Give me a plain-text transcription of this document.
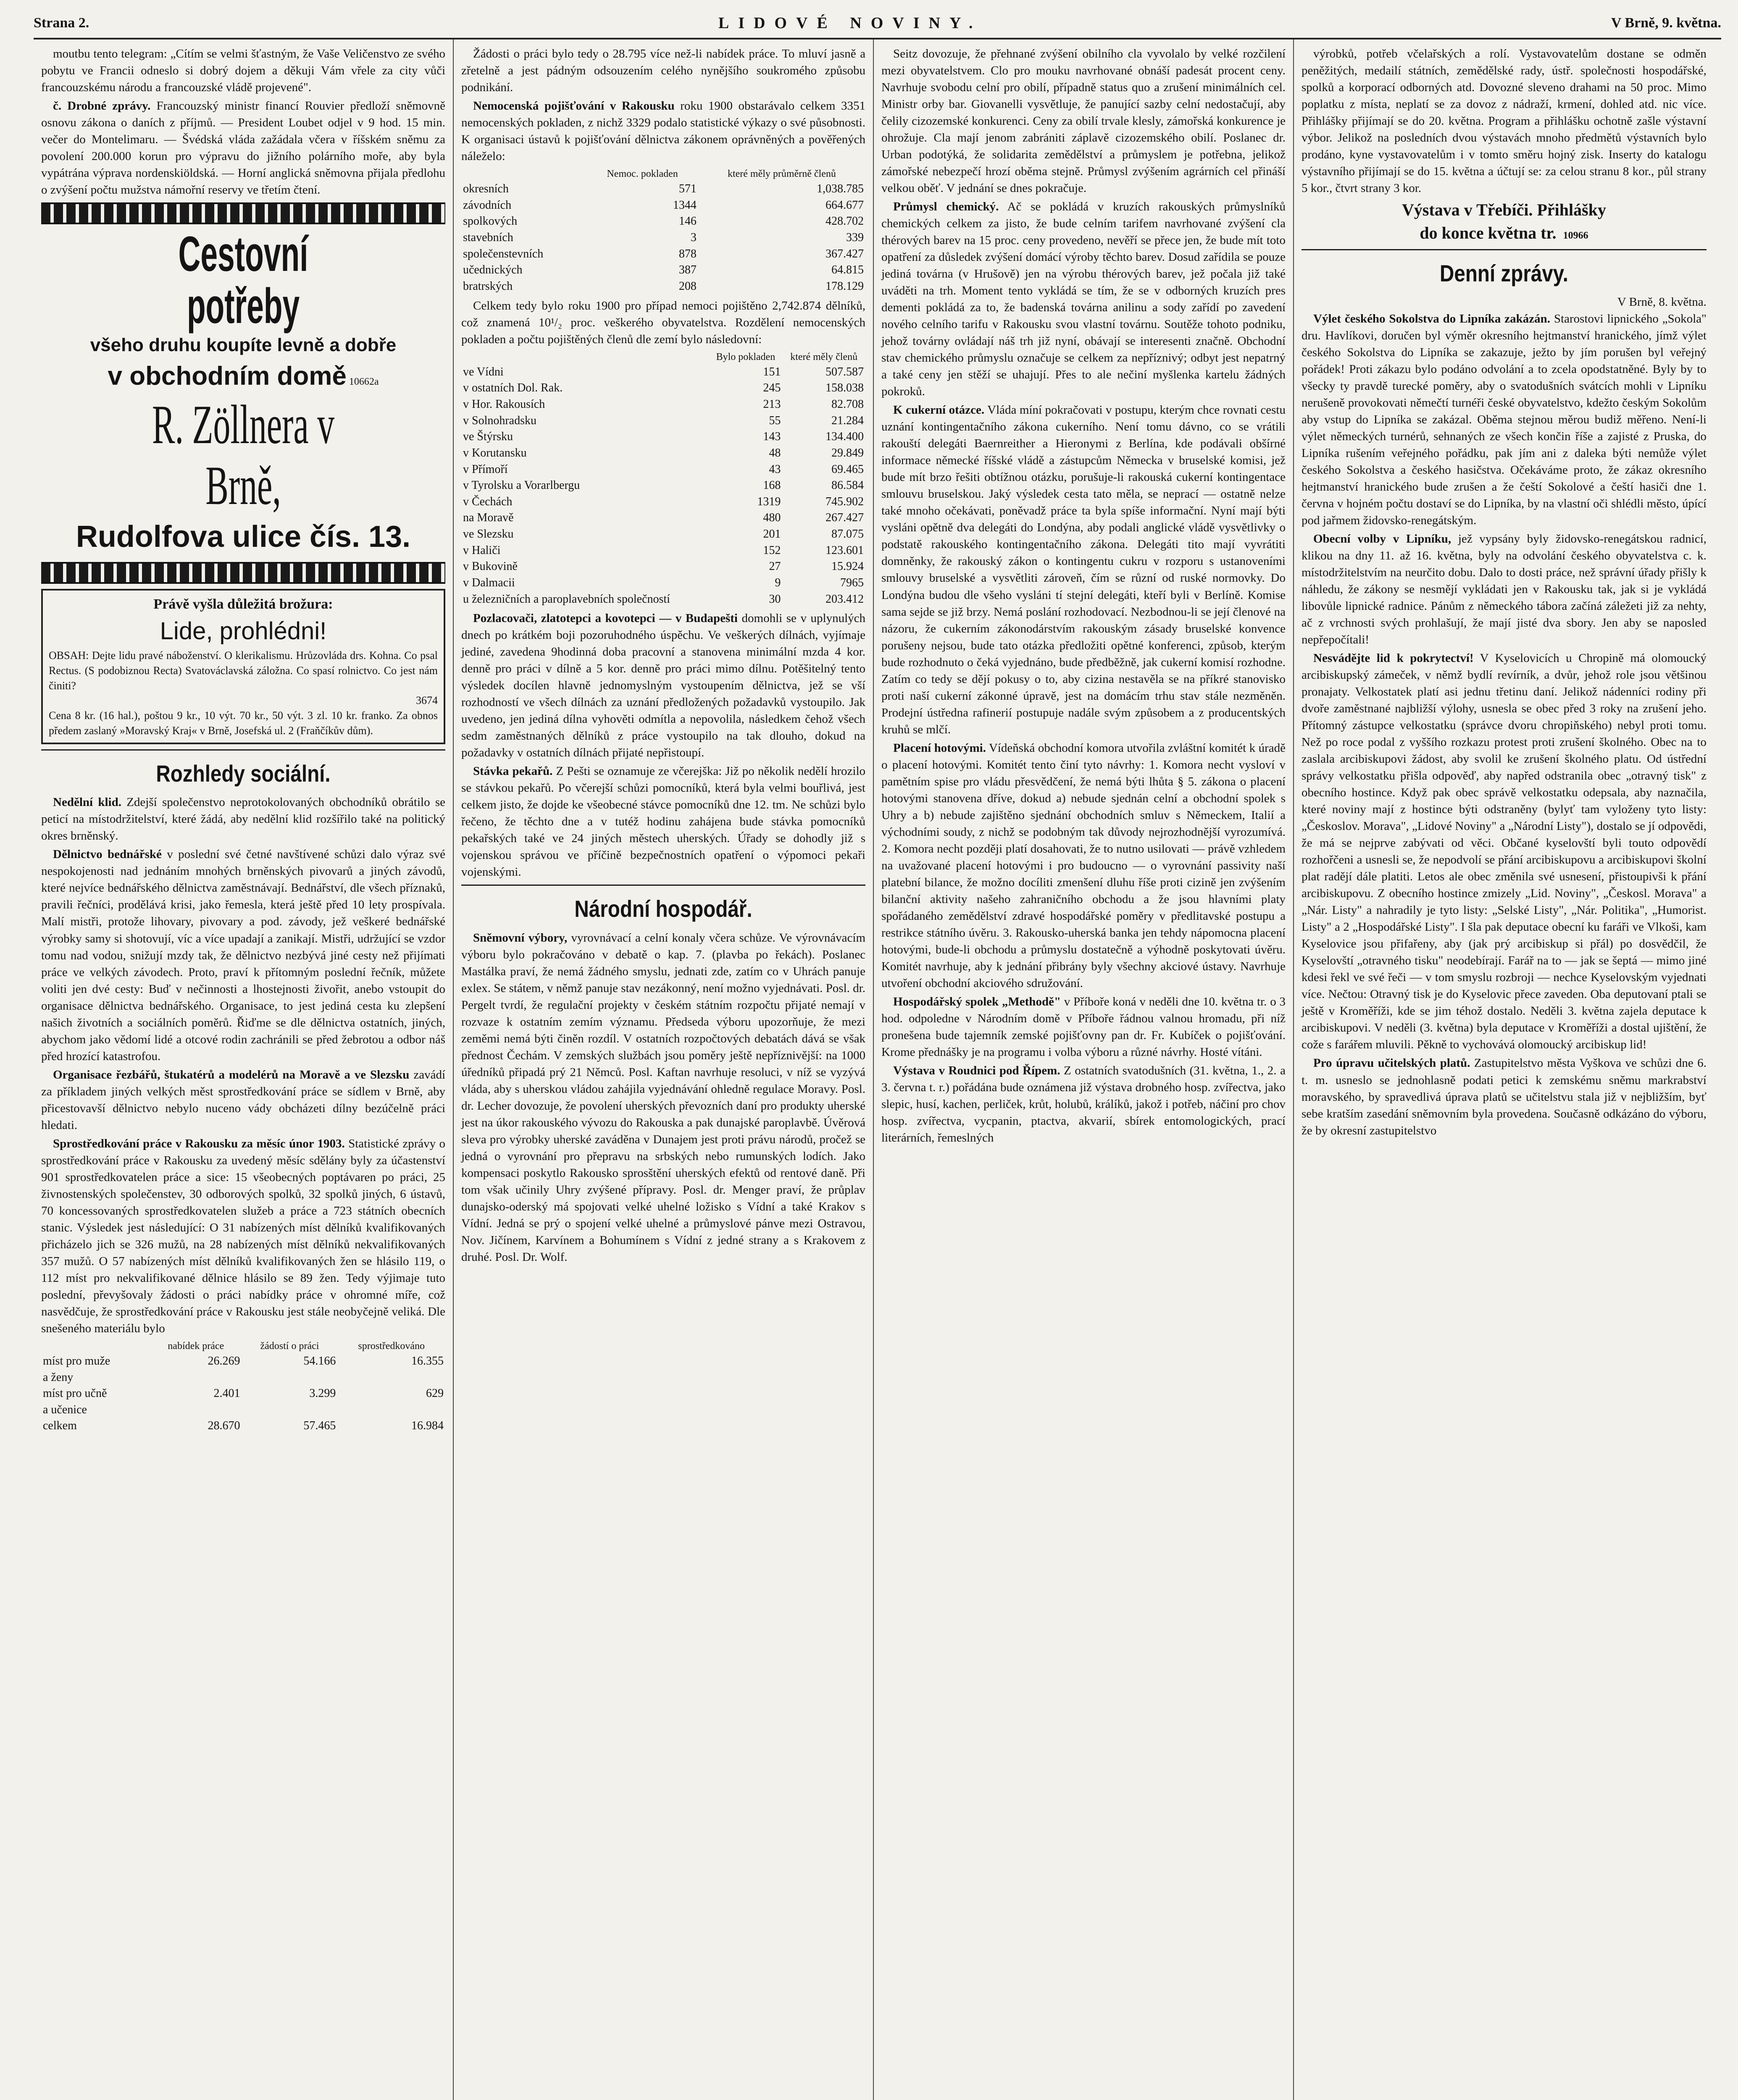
Strana 2.	LIDOVÉ NOVINY.	V Brně, 9. května.

moutbu tento telegram: „Cítím se velmi šťastným, že Vaše Veličenstvo ze svého pobytu ve Francii odneslo si dobrý dojem a děkuji Vám vřele za city vůči francouzskému národu a francouzské vládě projevené".

č. Drobné zprávy. Francouzský ministr financí Rouvier předloží sněmovně osnovu zákona o daních z příjmů. — President Loubet odjel v 9 hod. 15 min. večer do Montelimaru. — Švédská vláda zažádala včera v říšském sněmu za povolení 200.000 korun pro výpravu do jižního polárního moře, aby byla vypátrána výprava nordenskiöldská. — Horní anglická sněmovna přijala předlohu o zvýšení počtu mužstva námořní reservy ve třetím čtení.

Cestovní potřeby
všeho druhu koupíte levně a dobře
v obchodním domě 10662a
R. Zöllnera v Brně,
Rudolfova ulice čís. 13.
Právě vyšla důležitá brožura:
Lide, prohlédni!
OBSAH: Dejte lidu pravé náboženství. O klerikalismu. Hrůzovláda drs. Kohna. Co psal Rectus. (S podobiznou Recta) Svatováclavská záložna. Co spasí rolnictvo. Co jest nám činiti?
3674
Cena 8 kr. (16 hal.), poštou 9 kr., 10 výt. 70 kr., 50 výt. 3 zl. 10 kr. franko. Za obnos předem zaslaný »Moravský Kraj« v Brně, Josefská ul. 2 (Fraňčíkův dům).
Rozhledy sociální.

Nedělní klid. Zdejší společenstvo neprotokolovaných obchodníků obrátilo se peticí na místodržitelství, které žádá, aby nedělní klid rozšířilo také na politický okres brněnský.

Dělnictvo bednářské v poslední své četné navštívené schůzi dalo výraz své nespokojenosti nad jednáním mnohých brněnských pivovarů a jiných závodů, které nejvíce bednářského dělnictva zaměstnávají. Bednářství, dle všech příznaků, pravili řečníci, prodělává krisi, jako řemesla, která ještě před 10 lety prospívala. Malí mistři, protože lihovary, pivovary a pod. závody, jež veškeré bednářské výrobky samy si shotovují, víc a více upadají a zanikají. Mistři, udržující se vzdor tomu nad vodou, snižují mzdy tak, že dělnictvo nezbývá jiné cesty než přijímati práce ve velkých závodech. Proto, praví k přítomným poslední řečník, můžete voliti jen dvé cesty: Buď v nečinnosti a lhostejnosti živořit, anebo vstoupit do organisace dělnictva bednářského. Organisace, to jest jediná cesta ku zlepšení našich životních a sociálních poměrů. Řiďme se dle dělnictva ostatních, jiných, abychom jako vědomí lidé a otcové rodin zachránili se před žebrotou a odbor náš před hrozící katastrofou.

Organisace řezbářů, štukatérů a modelérů na Moravě a ve Slezsku zavádí za příkladem jiných velkých měst sprostředkování práce se sídlem v Brně, aby přicestovavší dělnictvo nebylo nuceno vády obcházeti dílny bezúčelně práci hledati.

Sprostředkování práce v Rakousku za měsíc únor 1903. Statistické zprávy o sprostředkování práce v Rakousku za uvedený měsíc sdělány byly za účastenství 901 sprostředkovatelen práce a sice: 15 všeobecných poptávaren po práci, 25 živnostenských společenstev, 30 odborových spolků, 32 spolků jiných, 6 ústavů, 70 koncessovaných sprostředkovatelen služeb a práce a 723 státních obecních stanic. Výsledek jest následující: O 31 nabízených míst dělníků kvalifikovaných přicházelo jich se 326 mužů, na 28 nabízených míst dělníků nekvalifikovaných 357 mužů. O 57 nabízených míst dělníků kvalifikovaných žen se hlásilo 119, o 112 míst pro nekvalifikované dělnice hlásilo se 89 žen. Tedy výjimaje tuto poslední, převyšovaly žádosti o práci nabídky práce v ohromné míře, což nasvědčuje, že sprostředkování práce v Rakousku jest stále neobyčejně veliká. Dle snešeného materiálu bylo

	nabídek práce	žádostí o práci	sprostředkováno
míst pro muže	26.269	54.166	16.355
a ženy			
míst pro učně	2.401	3.299	629
a učenice			
celkem	28.670	57.465	16.984

Žádosti o práci bylo tedy o 28.795 více než-li nabídek práce. To mluví jasně a zřetelně a jest pádným odsouzením celého nynějšího soukromého způsobu podnikání.

Nemocenská pojišťování v Rakousku roku 1900 obstarávalo celkem 3351 nemocenských pokladen, z nichž 3329 podalo statistické výkazy o své působnosti. K organisaci ústavů k pojišťování dělnictva zákonem oprávněných a pověřených náleželo:

	Nemoc. pokladen	které měly průměrně členů
okresních	571	1,038.785
závodních	1344	664.677
spolkových	146	428.702
stavebních	3	339
společenstevních	878	367.427
učednických	387	64.815
bratrských	208	178.129

Celkem tedy bylo roku 1900 pro případ nemoci pojištěno 2,742.874 dělníků, což znamená 10¹/₂ proc. veškerého obyvatelstva. Rozdělení nemocenských pokladen a počtu pojištěných členů dle zemí bylo následovní:

	Bylo pokladen	které měly členů
ve Vídni	151	507.587
v ostatních Dol. Rak.	245	158.038
v Hor. Rakousích	213	82.708
v Solnohradsku	55	21.284
ve Štýrsku	143	134.400
v Korutansku	48	29.849
v Přímoří	43	69.465
v Tyrolsku a Vorarlbergu	168	86.584
v Čechách	1319	745.902
na Moravě	480	267.427
ve Slezsku	201	87.075
v Haliči	152	123.601
v Bukovině	27	15.924
v Dalmacii	9	7965
u železničních a paroplavebních společností	30	203.412

Pozlacovači, zlatotepci a kovotepci — v Budapešti domohli se v uplynulých dnech po krátkém boji pozoruhodného úspěchu. Ve veškerých dílnách, vyjímaje jediné, zavedena 9hodinná doba pracovní a stanovena minimální mzda 4 kor. denně pro práci v dílně a 5 kor. denně pro práci mimo dílnu. Potěšitelný tento výsledek docílen hlavně jednomyslným vystoupením dělnictva, jež se vší rozhodností ve všech dílnách za uznání předložených požadavků vystoupilo. Jak uvedeno, jen jediná dílna vyhověti odmítla a nepovolila, následkem čehož všech sedm zaměstnaných dělníků z práce vystoupilo na tak dlouho, dokud na požadavky v ostatních dílnách přijaté nepřistoupí.

Stávka pekařů. Z Pešti se oznamuje ze včerejška: Již po několik nedělí hrozilo se stávkou pekařů. Po včerejší schůzi pomocníků, která byla velmi bouřlivá, jest celkem jisto, že dojde ke všeobecné stávce pomocníků dne 12. tm. Ne schůzi bylo řečeno, že těchto dne a v tutéž hodinu zahájena bude stávka pomocníků pekařských také ve 24 jiných městech uherských. Úřady se dohodly již s vojenskou správou ve příčině bezpečnostních opatření o výpomoci pekaři vojenskými.

Národní hospodář.

Sněmovní výbory, vyrovnávací a celní konaly včera schůze. Ve výrovnávacím výboru bylo pokračováno v debatě o kap. 7. (plavba po řekách). Poslanec Mastálka praví, že nemá žádného smyslu, jednati zde, zatím co v Uhrách panuje exlex. Se státem, v němž panuje stav nezákonný, není možno vyjednávati. Posl. dr. Pergelt tvrdí, že regulační projekty v českém státním rozpočtu přijaté nemají v rozvaze k ostatním zemím významu. Předseda výboru upozorňuje, že mezi zeměmi nemá býti činěn rozdíl. V ostatních rozpočtových debatách dává se však přednost Čechám. V zemských službách jsou poměry ještě nepříznivější: na 1000 úředníků připadá prý 21 Němců. Posl. Kaftan navrhuje resoluci, v níž se vyzývá vláda, aby s uherskou vládou zahájila vyjednávání ohledně regulace Moravy. Posl. dr. Lecher dovozuje, že povolení uherských převozních daní pro produkty uherské jest na úkor rakouského vývozu do Rakouska a pak dunajské paroplavbě. Úvěrová sleva pro výrobky uherské zaváděna v Dunajem jest proti právu národů, pročež se jedná o vyrovnání pro přepravu na srbských nebo rumunských lodích. Jako kompensaci poskytlo Rakousko sprosštění uherských efektů od rentové daně. Při tom však učinily Uhry zvýšené přípravy. Posl. dr. Menger praví, že průplav dunajsko-oderský má spojovati velké uhelné ložisko s Vídní a také Krakov s Vídní. Jedná se prý o spojení velké uhelné a průmyslové pánve mezi Ostravou, Nov. Jičínem, Karvínem a Bohumínem s Vídní z jedné strany a s Krakovem z druhé. Posl. Dr. Wolf.

Seitz dovozuje, že přehnané zvýšení obilního cla vyvolalo by velké rozčilení mezi obyvatelstvem. Clo pro mouku navrhované obnáší padesát procent ceny. Navrhuje svobodu celní pro obilí, případně status quo a zrušení minimálních cel. Ministr orby bar. Giovanelli vysvětluje, že panující sazby celní nedostačují, aby čelily cizozemské konkurenci. Ceny za obilí trvale klesly, zámořská konkurence je ohrožuje. Cla mají jenom zabrániti záplavě cizozemského obilí. Poslanec dr. Urban podotýká, že solidarita zemědělství a průmyslem je potřebna, jelikož zámořské nebezpečí hrozí oběma stejně. Průmysl zvýšením agrárních cel přináší velkou oběť. V jednání se dnes pokračuje.

Průmysl chemický. Ač se pokládá v kruzích rakouských průmyslníků chemických celkem za jisto, že bude celním tarifem navrhované zvýšení cla thérových barev na 15 proc. ceny provedeno, nevěří se přece jen, že bude mít toto opatření za důsledek zvýšení domácí výroby těchto barev. Dosud zařídila se pouze jediná továrna (v Hrušově) jen na výrobu thérových barev, jež počala již také uváděti na trh. Moment tento vykládá se tím, že se v odborných kruzích pres dementi pokládá za to, že badenská továrna anilinu a sody zařídí po zavedení nového celního tarifu v Rakousku svou vlastní továrnu. Soutěže tohoto podniku, jehož továrny ovládají náš trh již nyní, obávají se interesenti značně. Obchodní stav chemického průmyslu označuje se celkem za nepříznivý; odbyt jest nepatrný a také ceny jen stěží se uhajují. Přes to ale nečiní myšlenka kartelu žádných pokroků.

K cukerní otázce. Vláda míní pokračovati v postupu, kterým chce rovnati cestu uznání kontingentačního zákona cukerního. Není tomu dávno, co se vrátili rakouští delegáti Baernreither a Hieronymi z Berlína, kde podávali obšírné informace německé říšské vládě a zástupcům Německa v bruselské komisi, jež bude mít brzo řešiti obtížnou otázku, porušuje-li rakouská cukerní kontingentace smlouvu bruselskou. Jaký výsledek cesta tato měla, se neprací — ostatně nelze také mnoho očekávati, poněvadž práce ta byla spíše informační. Nyní mají býti vysláni opětně dva delegáti do Londýna, aby podali anglické vládě vysvětlivky o podstatě rakouského kontingentačního zákona. Delegáti tito mají vyvrátiti domněnky, že rakouský zákon o kontingentu cukru v rozporu s ustanoveními smlouvy bruselské a vysvětliti zároveň, čím se různí od ruské normovky. Do Londýna budou dle všeho vysláni tí stejní delegáti, kteří byli v Berlíně. Komise sama sejde se již brzy. Nemá poslání rozhodovací. Nezbodnou-li se její členové na názoru, že cukerním zákonodárstvím rakouským zásady bruselské konvence porušeny nejsou, bude tato otázka předložiti opětné konferenci, způsob, kterým bude rozhodnuto o čeká vyjednáno, bude předběžně, jak cukerní komisí rozhodne. Zatím co tedy se dějí pokusy o to, aby cizina nestavěla se na příkré stanovisko proti naší cukerní zákonné úpravě, jest na domácím trhu stav stále nezměněn. Prodejní ústředna rafinerií postupuje nadále svým způsobem a z producentských kruhů se mlčí.

Placení hotovými. Vídeňská obchodní komora utvořila zvláštní komitét k úradě o placení hotovými. Komitét tento činí tyto návrhy: 1. Komora necht vysloví v pamětním spise pro vládu přesvědčení, že nemá býti lhůta § 5. zákona o placení hotovými stanovena dříve, dokud a) nebude sjednán celní a obchodní spolek s Uhry a b) nebude zajištěno sjednání obchodních smluv s Německem, Italií a východními soudy, z nichž se podobným tak důvody nejrozhodnější vyrozumívá. 2. Komora necht později platí dosahovati, že to nutno usilovati — právě vzhledem na uvažované placení hotovými i pro budoucno — o vyrovnání passivity naší platební bilance, že možno docíliti zmenšení dluhu říše proti cizině jen zvýšením bilanční aktivity našeho zahraničního obchodu a že jsou hlavními platy spořádaného zemědělství zdravé hospodářské poměry v předlitavské postupu a restrikce státního úvěru. 3. Rakousko-uherská banka jen tehdy nápomocna placení hotovými, bude-li obchodu a průmyslu dostatečně a výhodně poskytovati úvěru. Komitét navrhuje, aby k jednání přibrány byly všechny akciové ústavy. Navrhuje utvoření obchodní akciového sdružování.

Hospodářský spolek „Methodě" v Příboře koná v neděli dne 10. května tr. o 3 hod. odpoledne v Národním domě v Příboře řádnou valnou hromadu, při níž pronešena bude tajemník zemské pojišťovny pan dr. Fr. Kubíček o pojišťování. Krome přednášky je na programu i volba výboru a různé návrhy. Hosté vítáni.

Výstava v Roudnici pod Řípem. Z ostatních svatodušních (31. května, 1., 2. a 3. června t. r.) pořádána bude oznámena již výstava drobného hosp. zvířectva, jako slepic, husí, kachen, perliček, krůt, holubů, králíků, jakož i potřeb, náčiní pro chov hosp. zvířectva, vycpanin, ptactva, akvarií, sbírek entomologických, prací literárních, řemeslných

výrobků, potřeb včelařských a rolí. Vystavovatelům dostane se odměn peněžitých, medailí státních, zemědělské rady, ústř. společnosti hospodářské, spolků a korporací odborných atd. Dovozné sleveno drahami na 50 proc. Mimo poplatku z místa, neplatí se za dovoz z nádraží, krmení, dohled atd. nic více. Přihlášky přijímají se do 20. května. Program a přihlášku ochotně zašle výstavní výbor. Jelikož na posledních dvou výstavách mnoho předmětů výstavních bylo prodáno, kyne vystavovatelům i v tomto směru hojný zisk. Inserty do katalogu výstavního přijímají se do 15. května a účtují se: za celou stranu 8 kor., půl strany 5 kor., čtvrt strany 3 kor.

Výstava v Třebíči. Přihlášky
do konce května tr. 10966
Denní zprávy.
V Brně, 8. května.

Výlet českého Sokolstva do Lipníka zakázán. Starostovi lipnického „Sokola" dru. Havlíkovi, doručen byl výměr okresního hejtmanství hranického, jímž výlet českého Sokolstva do Lipníka se zakazuje, ježto by jím porušen byl veřejný pořádek! Proti zákazu bylo podáno odvolání a to zcela opodstatněné. Byly by to všecky ty pravdě turecké poměry, aby o svatodušních svátcích mohli v Lipníku nerušeně provokovati němečtí turnéři české obyvatelstvo, kdežto českým Sokolům aby vstup do Lipníka se zakázal. Oběma stejnou měrou budiž měřeno. Není-li výlet německých turnérů, sehnaných ze všech končin říše a zajisté z Pruska, do Lipníka rušením veřejného pořádku, pak jím ani z daleka býti nemůže výlet českého Sokolstva a českého hasičstva. Očekáváme proto, že zákaz okresního hejtmanství hranického bude zrušen a že čeští Sokolové a čeští hasiči dne 1. června v hojném počtu dostaví se do Lipníka, by na vlastní oči shlédli město, úpící pod jařmem židovsko-renegátským.

Obecní volby v Lipníku, jež vypsány byly židovsko-renegátskou radnicí, klikou na dny 11. až 16. května, byly na odvolání českého obyvatelstva c. k. místodržitelstvím na neurčito dobu. Dalo to dosti práce, než správní úřady přišly k náhledu, že zákony se nesmějí vykládati jen v Rakousku tak, jak si je vykládá libovůle lipnické radnice. Pánům z německého tábora začíná záležeti již za nehty, ač z vrchnosti svých prohlašují, že mají jisté dva sbory. Jen aby se naposled nepřepočítali!

Nesvádějte lid k pokrytectví! V Kyselovicích u Chropině má olomoucký arcibiskupský zámeček, v němž bydlí revírník, a dvůr, jehož role jsou většinou pronajaty. Velkostatek platí asi jednu třetinu daní. Jelikož nádenníci rodiny při dvoře zaměstnané najbližší výlohy, usnesla se obec před 3 roky na zrušení jeho. Přítomný zástupce velkostatku (správce dvoru chropiňského) nebyl proti tomu. Než po roce podal z vyššího rozkazu protest proti zrušení školného. Obec na to zaslala arcibiskupovi žádost, aby svolil ke zrušení školného platu. Od ústřední správy velkostatku přišla odpověď, aby napřed odstranila obec „otravný tisk" z obecního hostince. Když pak obec správě velkostatku odepsala, aby naznačila, které noviny mají z hostince býti odstraněny (bylyť tam vyloženy tyto listy: „Českoslov. Morava", „Lidové Noviny" a „Národní Listy"), dostalo se jí odpovědi, že má se nejprve zabývati od věci. Občané kyselovští byli touto odpovědí rozhořčeni a usnesli se, že nepodvolí se přání arcibiskupovu a arcibiskupovi školní plat radějí dále platiti. Letos ale obec změnila své usnesení, přistoupivši k přání arcibiskupovu. Z obecního hostince zmizely „Lid. Noviny", „Českosl. Morava" a „Nár. Listy" a nahradily je tyto listy: „Selské Listy", „Nár. Politika", „Humorist. Listy" a 2 „Hospodářské Listy". I šla pak deputace obecní ku faráři ve Vlkoši, kam Kyselovice jsou přifařeny, aby (jak prý arcibiskup si přál) po dosvědčil, že Kyselovští „otravného tisku" neodebírají. Farář na to — jak se šeptá — mimo jiné kdesi řekl ve své řeči — v tom smyslu rozbroji — nechce Kyselovským vyjednati více. Nečtou: Otravný tisk je do Kyselovic přece zaveden. Oba deputovaní ptali se ještě v Kroměříži, kde se jim téhož dostalo. Neděli 3. května zajela deputace k arcibiskupovi. V neděli (3. května) byla deputace v Kroměříži a dostal ujištění, že cože s farářem mluvili. Pěkně to vychovává olomoucký arcibiskup lid!

Pro úpravu učitelských platů. Zastupitelstvo města Vyškova ve schůzi dne 6. t. m. usneslo se jednohlasně podati petici k zemskému sněmu markrabství moravského, by spravedlivá úprava platů se učitelstvu stala již v nejbližším, byť sebe kratším zasedání sněmovním byla provedena. Současně odkázáno do výboru, že by okresní zastupitelstvo
